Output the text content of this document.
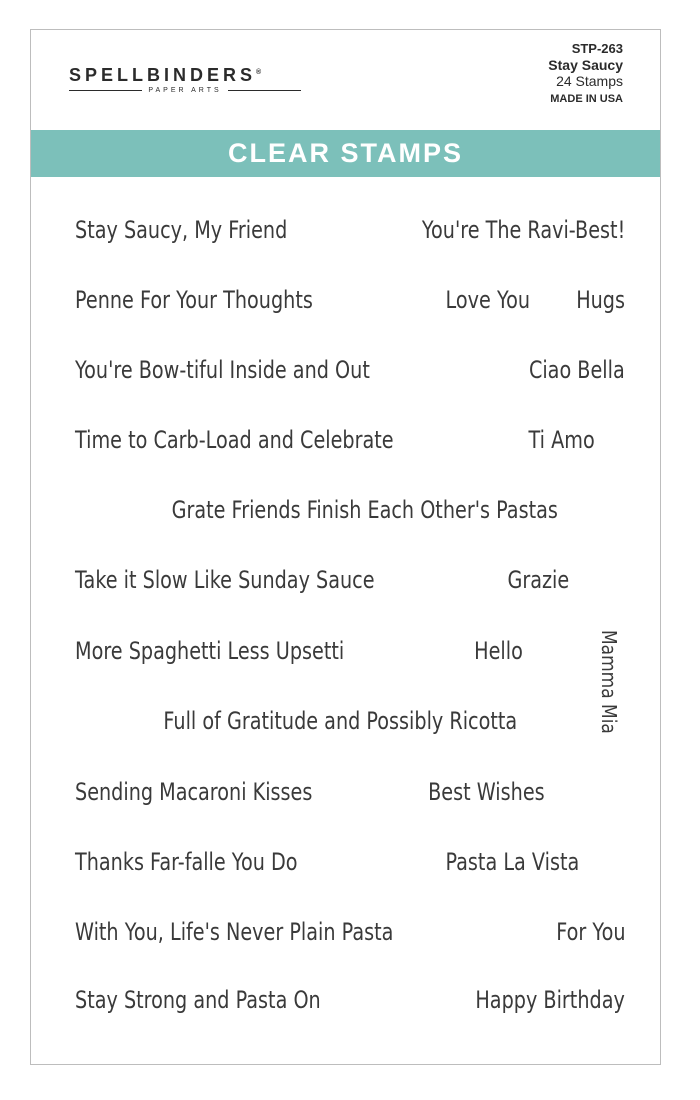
SPELLBINDERS®
PAPER ARTS
STP-263
Stay Saucy
24 Stamps
MADE IN USA
CLEAR STAMPS
Stay Saucy, My Friend	You're The Ravi-Best!
Penne For Your Thoughts	Love You Hugs
You're Bow-tiful Inside and Out	Ciao Bella
Time to Carb-Load and Celebrate	Ti Amo
Grate Friends Finish Each Other's Pastas
Take it Slow Like Sunday Sauce	Grazie
More Spaghetti Less Upsetti	Hello
Full of Gratitude and Possibly Ricotta
Sending Macaroni Kisses	Best Wishes
Thanks Far-falle You Do	Pasta La Vista
With You, Life's Never Plain Pasta	For You
Stay Strong and Pasta On	Happy Birthday
Mamma Mia
